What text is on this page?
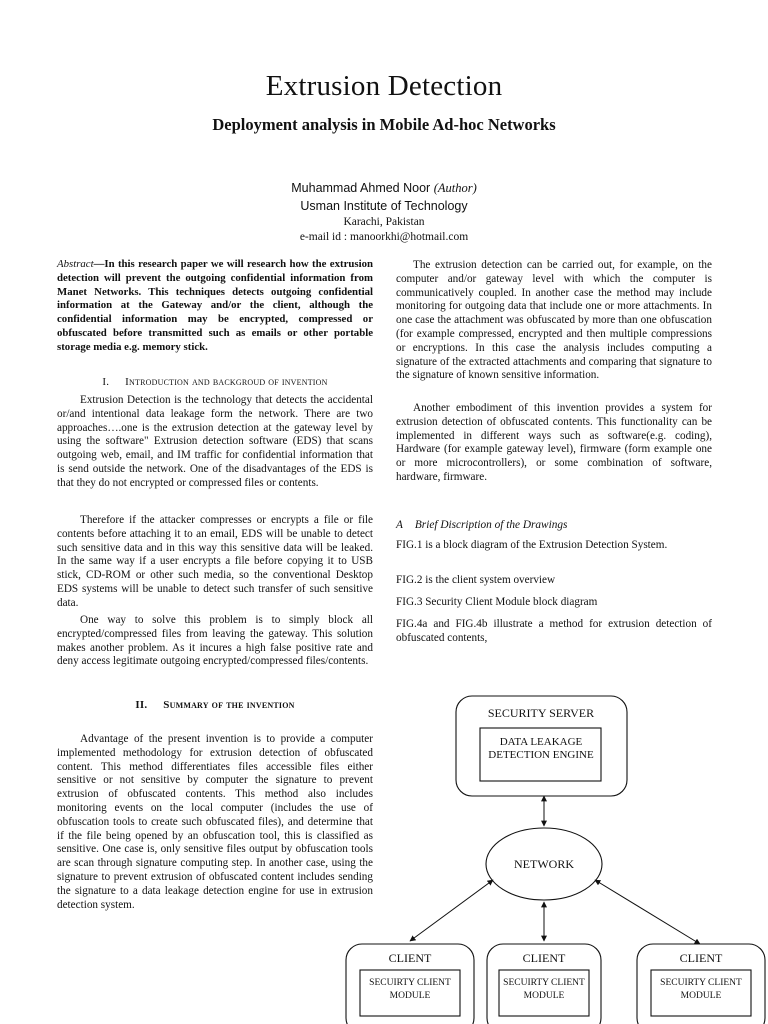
Extrusion Detection
Deployment analysis in Mobile Ad-hoc Networks
Muhammad Ahmed Noor (Author)
Usman Institute of Technology
Karachi, Pakistan
e-mail id : manoorkhi@hotmail.com
Abstract—In this research paper we will research how the extrusion detection will prevent the outgoing confidential information from Manet Networks. This techniques detects outgoing confidential information at the Gateway and/or the client, although the confidential information may be encrypted, compressed or obfuscated before transmitted such as emails or other portable storage media e.g. memory stick.
I. Introduction and backgroud of invention
Extrusion Detection is the technology that detects the accidental or/and intentional data leakage form the network. There are two approaches….one is the extrusion detection at the gateway level by using the software" Extrusion detection software (EDS) that scans outgoing web, email, and IM traffic for confidential information that is send outside the network. One of the disadvantages of the EDS is that they do not encrypted or compressed files or contents.
Therefore if the attacker compresses or encrypts a file or file contents before attaching it to an email, EDS will be unable to detect such sensitive data and in this way this sensitive data will be leaked. In the same way if a user encrypts a file before copying it to USB stick, CD-ROM or other such media, so the conventional Desktop EDS systems will be unable to detect such transfer of such sensitive data.
One way to solve this problem is to simply block all encrypted/compressed files from leaving the gateway. This solution makes another problem. As it incures a high false positive rate and deny access legitimate outgoing encrypted/compressed files/contents.
II. Summary of the invention
Advantage of the present invention is to provide a computer implemented methodology for extrusion detection of obfuscated content. This method differentiates files accessible files either sensitive or not sensitive by computer the signature to prevent extrusion of obfuscated contents. This method also includes monitoring events on the local computer (includes the use of obfuscation tools to create such obfuscated files), and determine that if the file being opened by an obfuscation tool, this is classified as sensitive. One case is, only sensitive files output by obfuscation tools are scan through signature computing step. In another case, using the signature to prevent extrusion of obfuscated content includes sending the signature to a data leakage detection engine for use in extrusion detection system.
The extrusion detection can be carried out, for example, on the computer and/or gateway level with which the computer is communicatively coupled. In another case the method may include monitoring for outgoing data that include one or more attachments. In one case the attachment was obfuscated by more than one obfuscation (for example compressed, encrypted and then multiple compressions or encryptions. In this case the analysis includes computing a signature of the extracted attachments and comparing that signature to the signature of known sensitive information.
Another embodiment of this invention provides a system for extrusion detection of obfuscated contents. This functionality can be implemented in different ways such as software(e.g. coding), Hardware (for example gateway level), firmware (form example one or more microcontrollers), or some combination of software, hardware, firmware.
A Brief Discription of the Drawings
FIG.1 is a block diagram of the Extrusion Detection System.
FIG.2 is the client system overview
FIG.3 Security Client Module block diagram
FIG.4a and FIG.4b illustrate a method for extrusion detection of obfuscated contents,
SECURITY SERVER
DATA LEAKAGE
DETECTION ENGINE
NETWORK
CLIENT
SECUIRTY CLIENT
MODULE
CLIENT
SECUIRTY CLIENT
MODULE
CLIENT
SECUIRTY CLIENT
MODULE
